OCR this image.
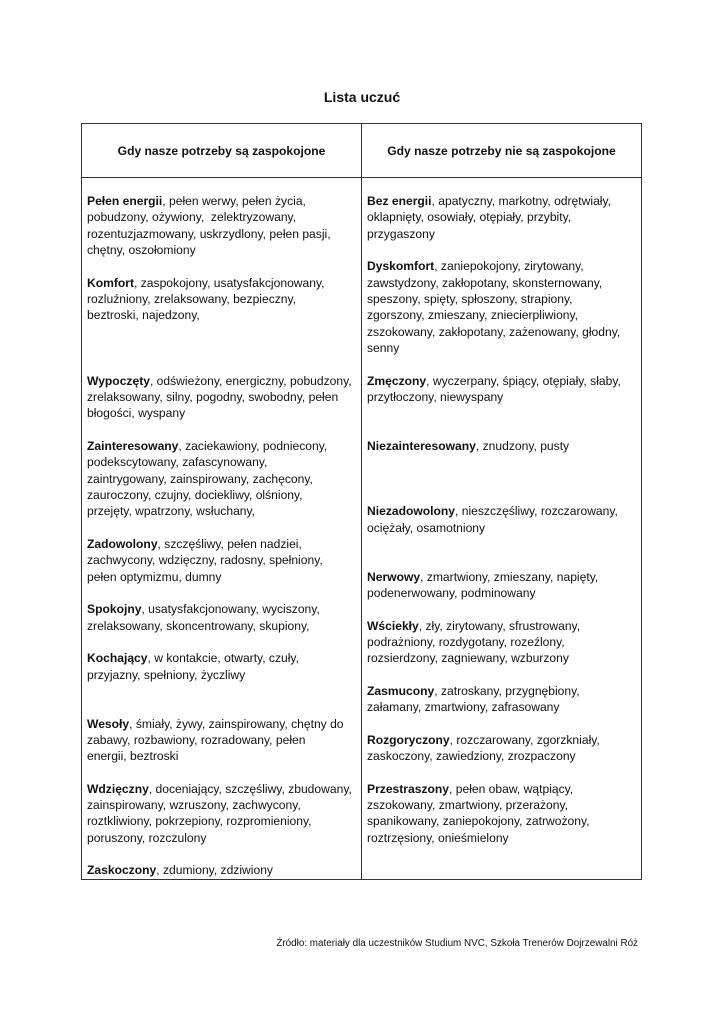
Lista uczuć
Gdy nasze potrzeby są zaspokojone	Gdy nasze potrzeby nie są zaspokojone
Pełen energii, pełen werwy, pełen życia,
pobudzony, ożywiony,  zelektryzowany,
rozentuzjazmowany, uskrzydlony, pełen pasji,
chętny, oszołomiony
Komfort, zaspokojony, usatysfakcjonowany,
rozluźniony, zrelaksowany, bezpieczny,
beztroski, najedzony,
Wypoczęty, odświeżony, energiczny, pobudzony,
zrelaksowany, silny, pogodny, swobodny, pełen
błogości, wyspany
Zainteresowany, zaciekawiony, podniecony,
podekscytowany, zafascynowany,
zaintrygowany, zainspirowany, zachęcony,
zauroczony, czujny, dociekliwy, olśniony,
przejęty, wpatrzony, wsłuchany,
Zadowolony, szczęśliwy, pełen nadziei,
zachwycony, wdzięczny, radosny, spełniony,
pełen optymizmu, dumny
Spokojny, usatysfakcjonowany, wyciszony,
zrelaksowany, skoncentrowany, skupiony,
Kochający, w kontakcie, otwarty, czuły,
przyjazny, spełniony, życzliwy
Wesoły, śmiały, żywy, zainspirowany, chętny do
zabawy, rozbawiony, rozradowany, pełen
energii, beztroski
Wdzięczny, doceniający, szczęśliwy, zbudowany,
zainspirowany, wzruszony, zachwycony,
roztkliwiony, pokrzepiony, rozpromieniony,
poruszony, rozczulony
Zaskoczony, zdumiony, zdziwiony
Bez energii, apatyczny, markotny, odrętwiały,
oklapnięty, osowiały, otępiały, przybity,
przygaszony
Dyskomfort, zaniepokojony, zirytowany,
zawstydzony, zakłopotany, skonsternowany,
speszony, spięty, spłoszony, strapiony,
zgorszony, zmieszany, zniecierpliwiony,
zszokowany, zakłopotany, zażenowany, głodny,
senny
Zmęczony, wyczerpany, śpiący, otępiały, słaby,
przytłoczony, niewyspany
Niezainteresowany, znudzony, pusty
Niezadowolony, nieszczęśliwy, rozczarowany,
ociężały, osamotniony
Nerwowy, zmartwiony, zmieszany, napięty,
podenerwowany, podminowany
Wściekły, zły, zirytowany, sfrustrowany,
podrażniony, rozdygotany, rozeźlony,
rozsierdzony, zagniewany, wzburzony
Zasmucony, zatroskany, przygnębiony,
załamany, zmartwiony, zafrasowany
Rozgoryczony, rozczarowany, zgorzkniały,
zaskoczony, zawiedziony, zrozpaczony
Przestraszony, pełen obaw, wątpiący,
zszokowany, zmartwiony, przerażony,
spanikowany, zaniepokojony, zatrwożony,
roztrzęsiony, onieśmielony
Źródło: materiały dla uczestników Studium NVC, Szkoła Trenerów Dojrzewalni Róż
